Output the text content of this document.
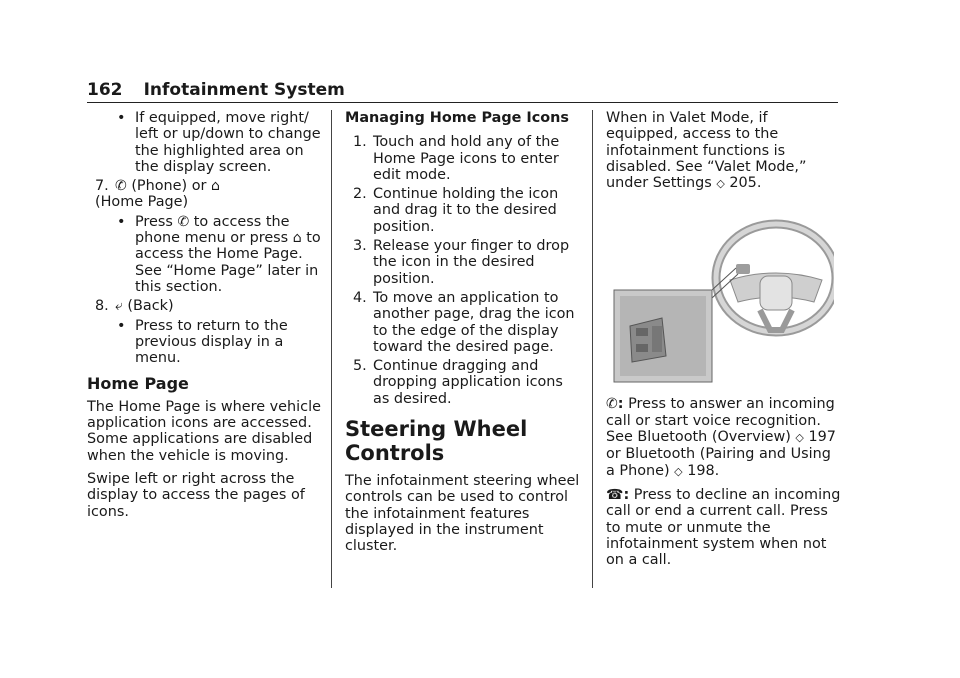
162 Infotainment System
• If equipped, move right/ left or up/down to change the highlighted area on the display screen.
7. ✆ (Phone) or ⌂
(Home Page)
• Press ✆ to access the phone menu or press ⌂ to access the Home Page. See “Home Page” later in this section.
8. ⤶ (Back)
• Press to return to the previous display in a menu.
Home Page

The Home Page is where vehicle application icons are accessed. Some applications are disabled when the vehicle is moving.

Swipe left or right across the display to access the pages of icons.

Managing Home Page Icons
1. Touch and hold any of the Home Page icons to enter edit mode.
2. Continue holding the icon and drag it to the desired position.
3. Release your finger to drop the icon in the desired position.
4. To move an application to another page, drag the icon to the edge of the display toward the desired page.
5. Continue dragging and dropping application icons as desired.
Steering Wheel Controls

The infotainment steering wheel controls can be used to control the infotainment features displayed in the instrument cluster.

When in Valet Mode, if equipped, access to the infotainment functions is disabled. See “Valet Mode,” under Settings ◇ 205.

✆: Press to answer an incoming call or start voice recognition. See Bluetooth (Overview) ◇ 197 or Bluetooth (Pairing and Using a Phone) ◇ 198.

☎: Press to decline an incoming call or end a current call. Press to mute or unmute the infotainment system when not on a call.
